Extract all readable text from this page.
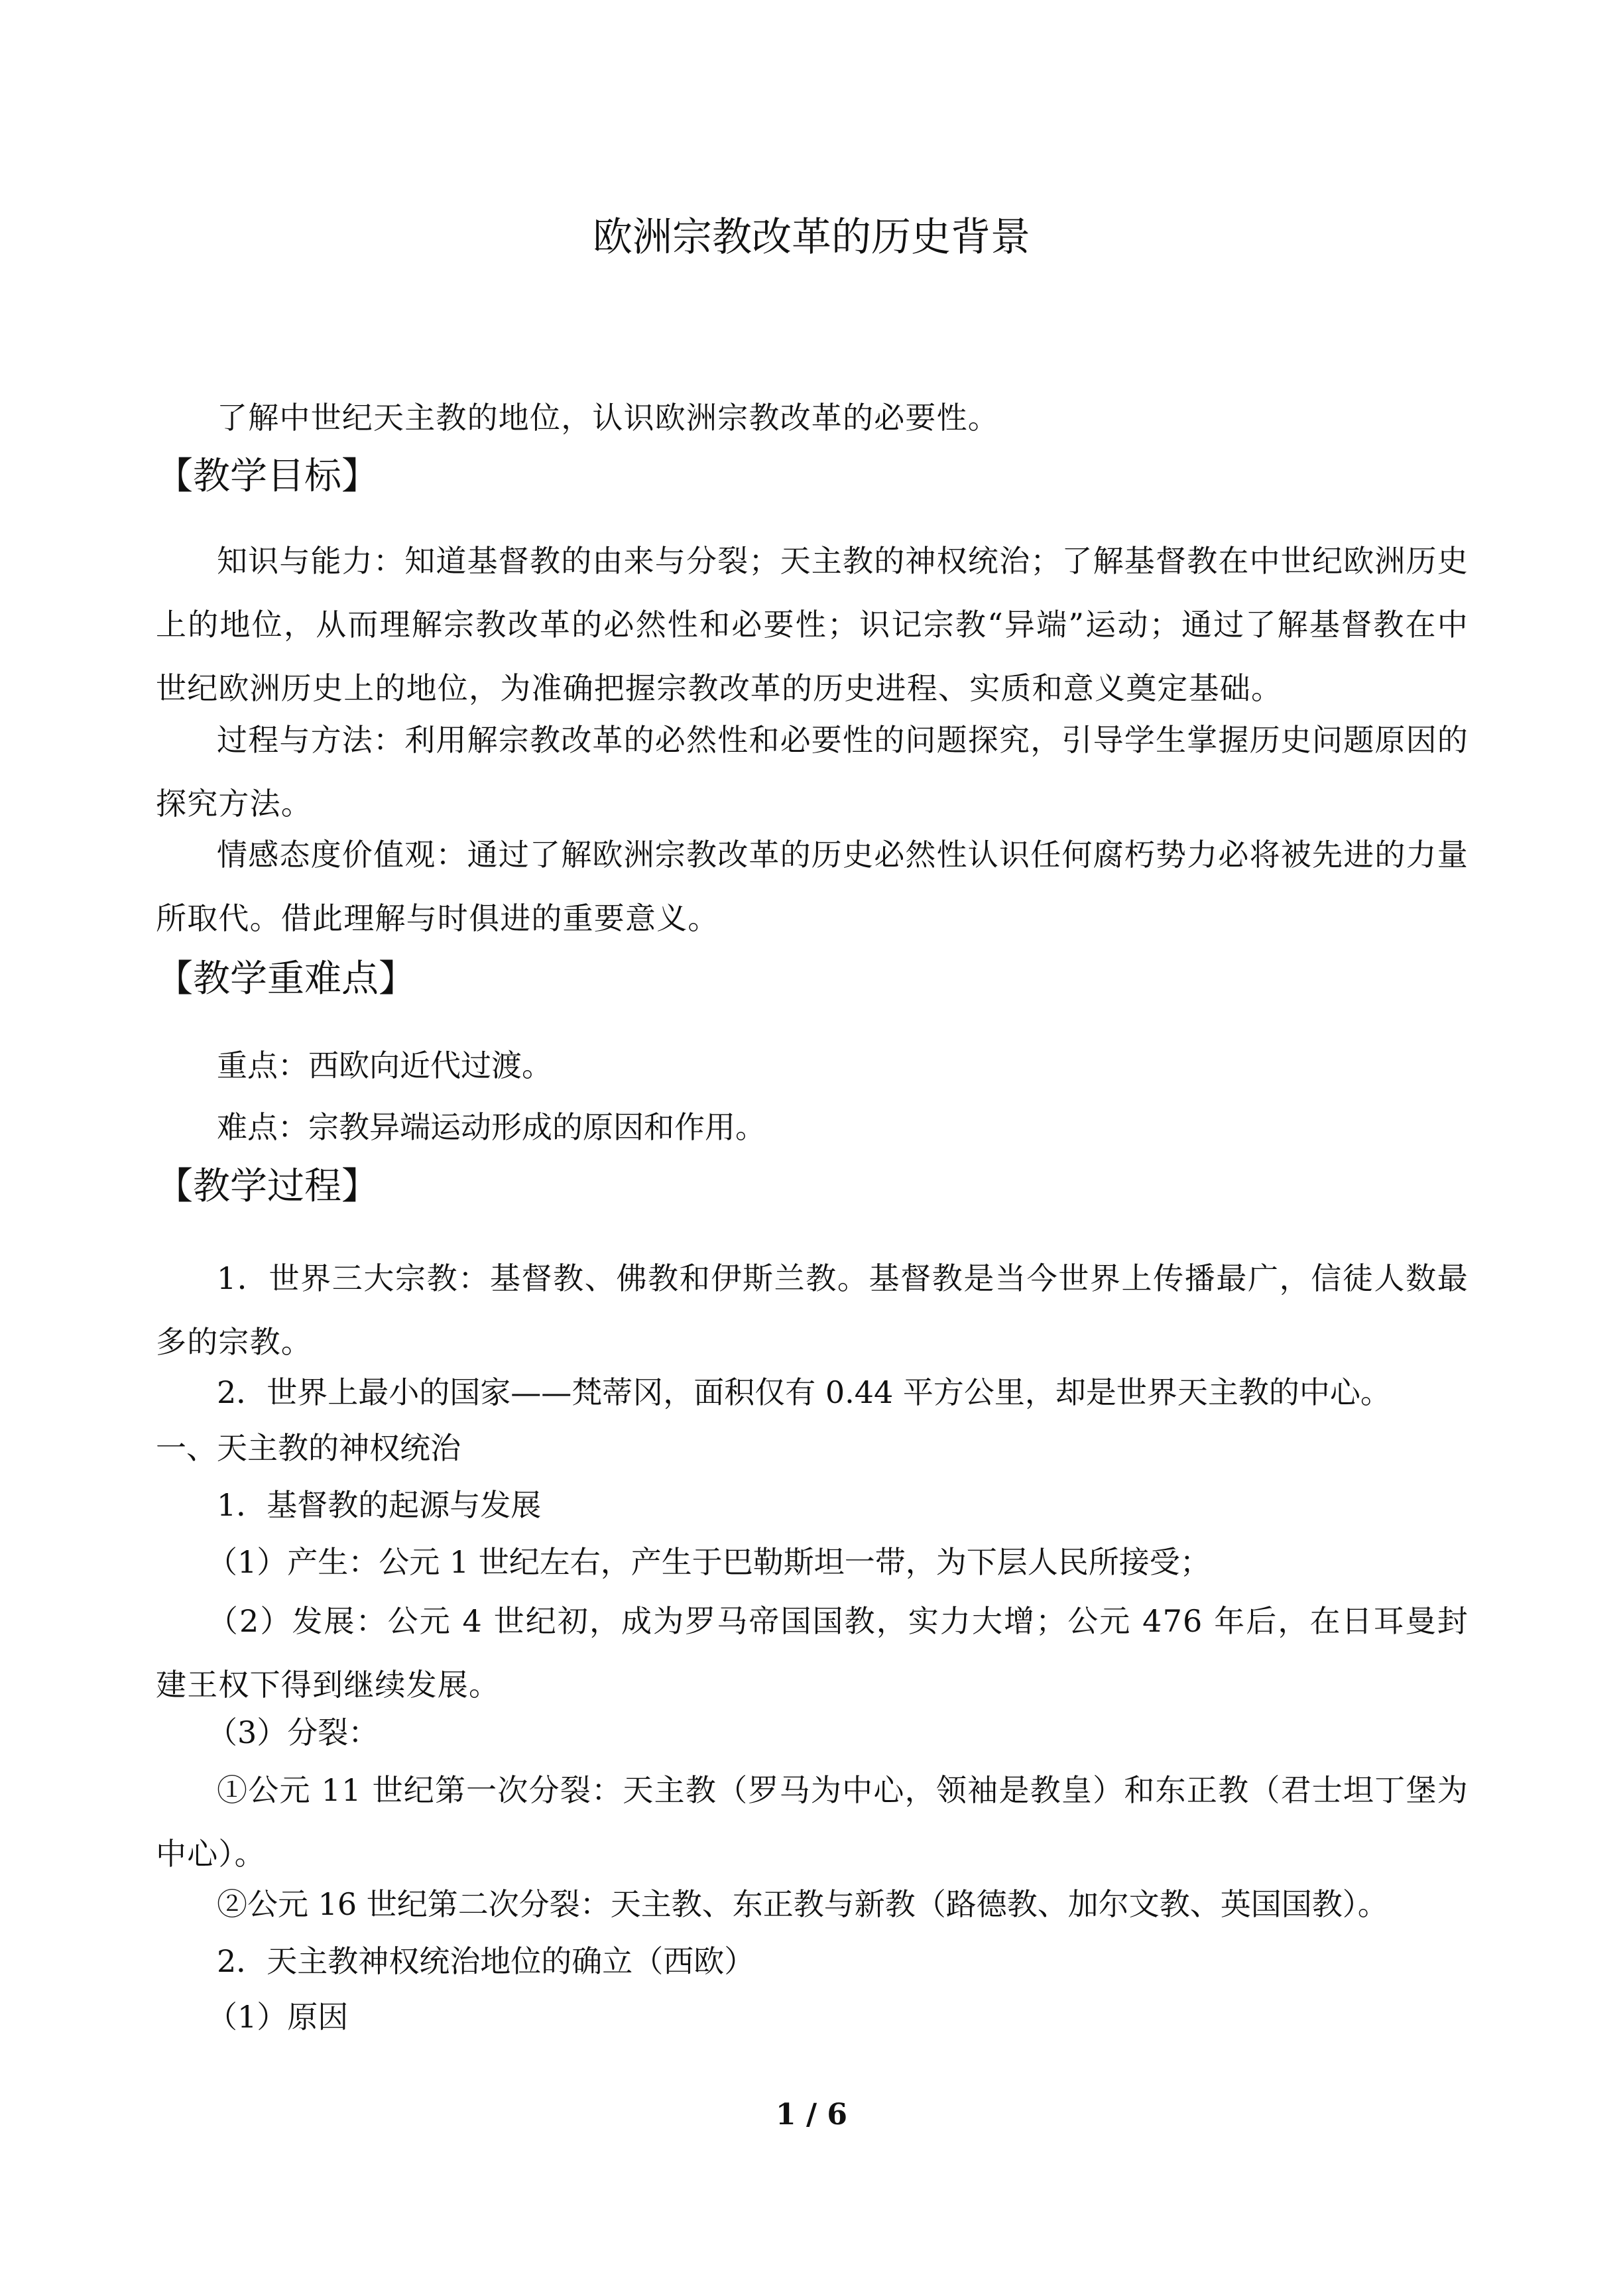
欧洲宗教改革的历史背景
了解中世纪天主教的地位，认识欧洲宗教改革的必要性。
【教学目标】
知识与能力：知道基督教的由来与分裂；天主教的神权统治；了解基督教在中世纪欧洲历史上的地位，从而理解宗教改革的必然性和必要性；识记宗教“异端”运动；通过了解基督教在中世纪欧洲历史上的地位，为准确把握宗教改革的历史进程、实质和意义奠定基础。
过程与方法：利用解宗教改革的必然性和必要性的问题探究，引导学生掌握历史问题原因的探究方法。
情感态度价值观：通过了解欧洲宗教改革的历史必然性认识任何腐朽势力必将被先进的力量所取代。借此理解与时俱进的重要意义。
【教学重难点】
重点：西欧向近代过渡。
难点：宗教异端运动形成的原因和作用。
【教学过程】
1．世界三大宗教：基督教、佛教和伊斯兰教。基督教是当今世界上传播最广，信徒人数最多的宗教。
2．世界上最小的国家——梵蒂冈，面积仅有 0.44 平方公里，却是世界天主教的中心。
一、天主教的神权统治
1．基督教的起源与发展
（1）产生：公元 1 世纪左右，产生于巴勒斯坦一带，为下层人民所接受；
（2）发展：公元 4 世纪初，成为罗马帝国国教，实力大增；公元 476 年后，在日耳曼封建王权下得到继续发展。
（3）分裂：
①公元 11 世纪第一次分裂：天主教（罗马为中心，领袖是教皇）和东正教（君士坦丁堡为中心）。
②公元 16 世纪第二次分裂：天主教、东正教与新教（路德教、加尔文教、英国国教）。
2．天主教神权统治地位的确立（西欧）
（1）原因
1 / 6
